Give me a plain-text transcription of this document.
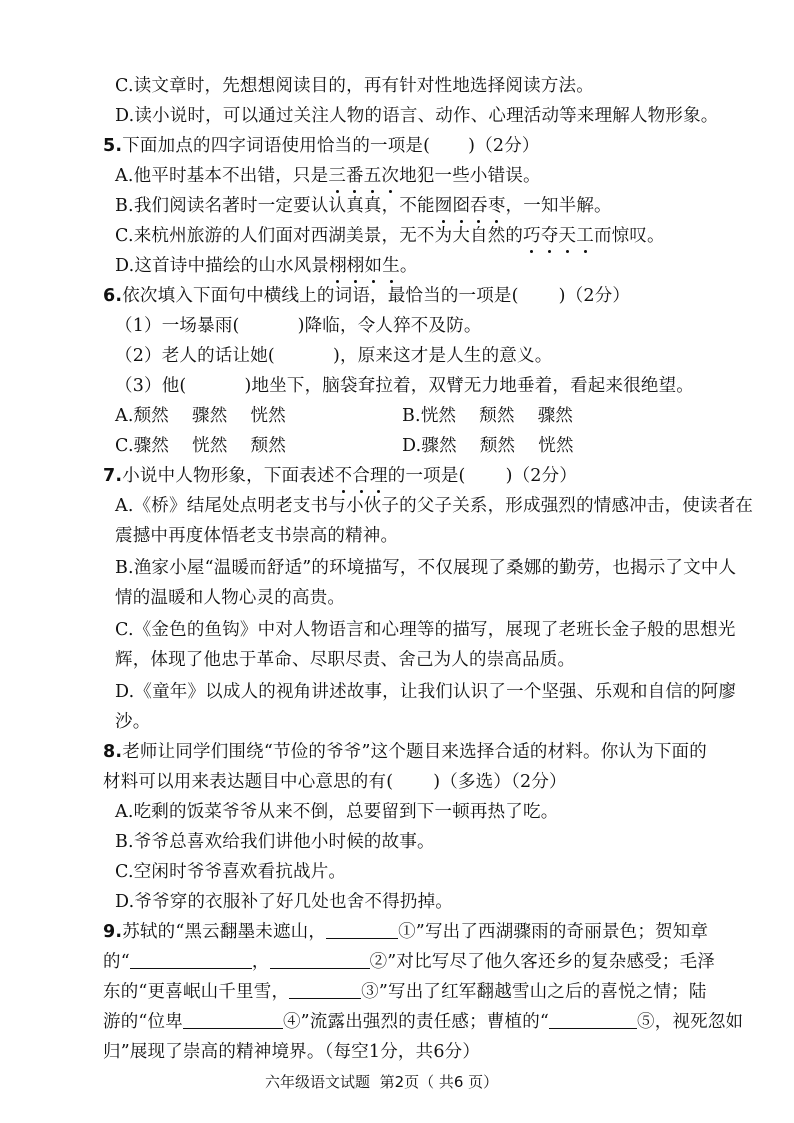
C.读文章时，先想想阅读目的，再有针对性地选择阅读方法。
D.读小说时，可以通过关注人物的语言、动作、心理活动等来理解人物形象。
5.下面加点的四字词语使用恰当的一项是( )（2分）
A.他平时基本不出错，只是三番五次地犯一些小错误。
B.我们阅读名著时一定要认认真真，不能囫囵吞枣，一知半解。
C.来杭州旅游的人们面对西湖美景，无不为大自然的巧夺天工而惊叹。
D.这首诗中描绘的山水风景栩栩如生。
6.依次填入下面句中横线上的词语，最恰当的一项是( )（2分）
（1）一场暴雨(	)降临，令人猝不及防。
（2）老人的话让她(	)，原来这才是人生的意义。
（3）他(	)地坐下，脑袋耷拉着，双臂无力地垂着，看起来很绝望。
A.颓然    骤然    恍然	B.恍然    颓然    骤然
C.骤然    恍然    颓然	D.骤然    颓然    恍然
7.小说中人物形象，下面表述不合理的一项是( )（2分）
A.《桥》结尾处点明老支书与小伙子的父子关系，形成强烈的情感冲击，使读者在
震撼中再度体悟老支书崇高的精神。
B.渔家小屋“温暖而舒适”的环境描写，不仅展现了桑娜的勤劳，也揭示了文中人
情的温暖和人物心灵的高贵。
C.《金色的鱼钩》中对人物语言和心理等的描写，展现了老班长金子般的思想光
辉，体现了他忠于革命、尽职尽责、舍己为人的崇高品质。
D.《童年》以成人的视角讲述故事，让我们认识了一个坚强、乐观和自信的阿廖
沙。
8.老师让同学们围绕“节俭的爷爷”这个题目来选择合适的材料。你认为下面的
材料可以用来表达题目中心意思的有( )（多选）（2分）
A.吃剩的饭菜爷爷从来不倒，总要留到下一顿再热了吃。
B.爷爷总喜欢给我们讲他小时候的故事。
C.空闲时爷爷喜欢看抗战片。
D.爷爷穿的衣服补了好几处也舍不得扔掉。
9.苏轼的“黑云翻墨未遮山，	①”写出了西湖骤雨的奇丽景色；贺知章
的“	，	②”对比写尽了他久客还乡的复杂感受；毛泽
东的“更喜岷山千里雪，	③”写出了红军翻越雪山之后的喜悦之情；陆
游的“位卑	④”流露出强烈的责任感；曹植的“	⑤，视死忽如
归”展现了崇高的精神境界。（每空1分，共6分）
六年级语文试题 第2页（ 共6 页）
